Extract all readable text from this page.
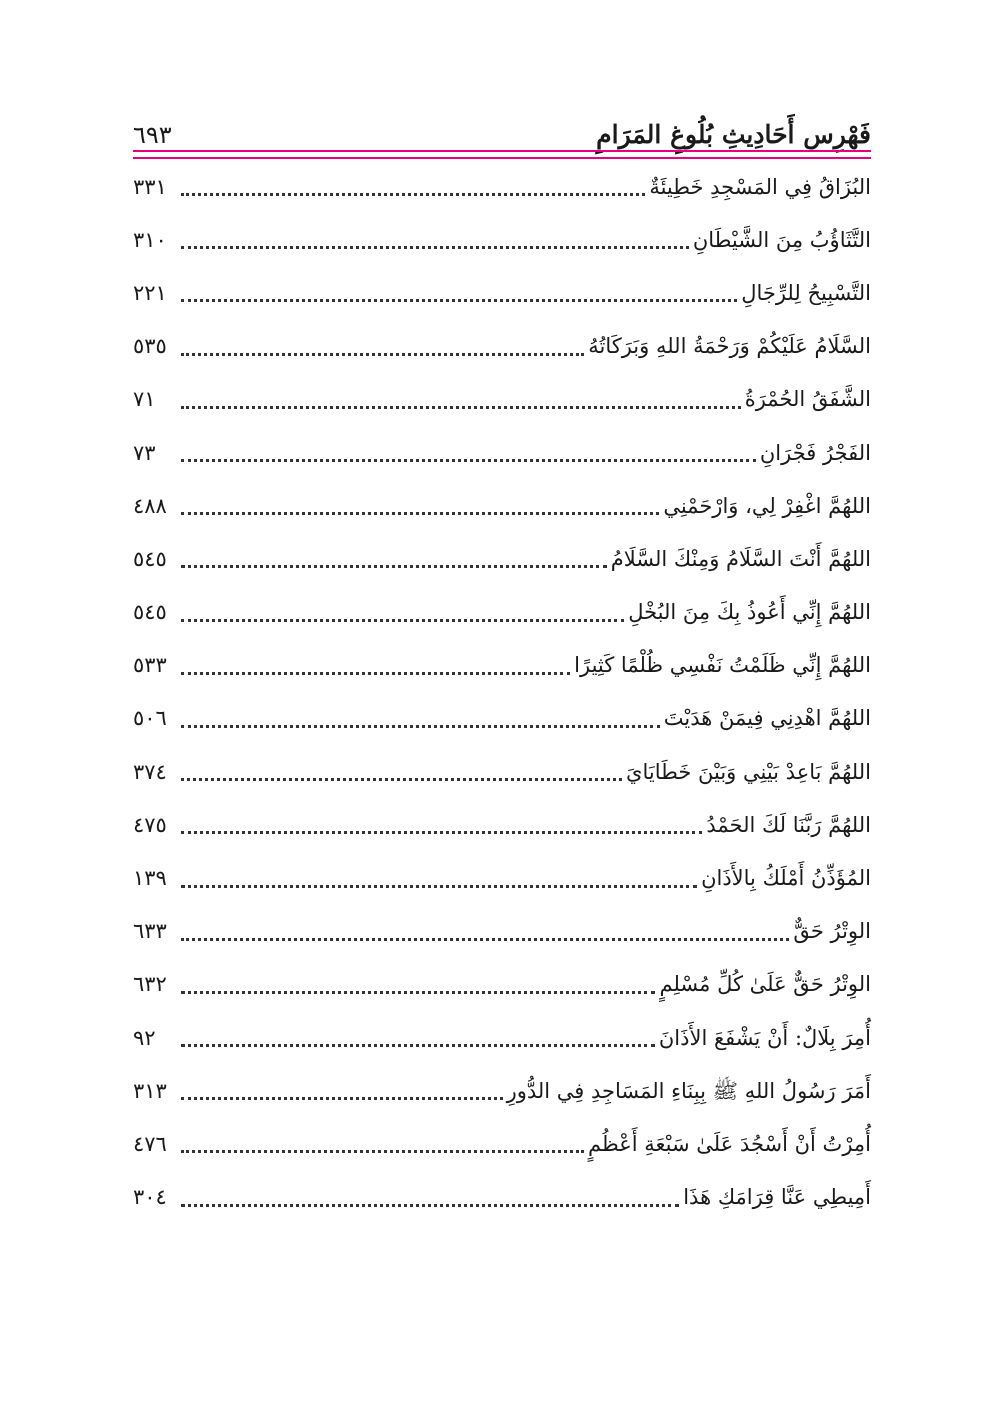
٦٩٣	فَهْرِس أَحَادِيثِ بُلُوغِ المَرَامِ
البُزَاقُ فِي المَسْجِدِ خَطِيئَةٌ
٣٣١
التَّثَاؤُبُ مِنَ الشَّيْطَانِ
٣١٠
التَّسْبِيحُ لِلرِّجَالِ
٢٢١
السَّلَامُ عَلَيْكُمْ وَرَحْمَةُ اللهِ وَبَرَكَاتُهُ
٥٣٥
الشَّفَقُ الحُمْرَةُ
٧١
الفَجْرُ فَجْرَانِ
٧٣
اللهُمَّ اغْفِرْ لِي، وَارْحَمْنِي
٤٨٨
اللهُمَّ أَنْتَ السَّلَامُ وَمِنْكَ السَّلَامُ
٥٤٥
اللهُمَّ إِنِّي أَعُوذُ بِكَ مِنَ البُخْلِ
٥٤٥
اللهُمَّ إِنِّي ظَلَمْتُ نَفْسِي ظُلْمًا كَثِيرًا
٥٣٣
اللهُمَّ اهْدِنِي فِيمَنْ هَدَيْتَ
٥٠٦
اللهُمَّ بَاعِدْ بَيْنِي وَبَيْنَ خَطَايَايَ
٣٧٤
اللهُمَّ رَبَّنَا لَكَ الحَمْدُ
٤٧٥
المُؤَذِّنُ أَمْلَكُ بِالأَذَانِ
١٣٩
الوِتْرُ حَقٌّ
٦٣٣
الوِتْرُ حَقٌّ عَلَىٰ كُلِّ مُسْلِمٍ
٦٣٢
أُمِرَ بِلَالٌ: أَنْ يَشْفَعَ الأَذَانَ
٩٢
أَمَرَ رَسُولُ اللهِ ﷺ بِبِنَاءِ المَسَاجِدِ فِي الدُّورِ
٣١٣
أُمِرْتُ أَنْ أَسْجُدَ عَلَىٰ سَبْعَةِ أَعْظُمٍ
٤٧٦
أَمِيطِي عَنَّا قِرَامَكِ هَذَا
٣٠٤
